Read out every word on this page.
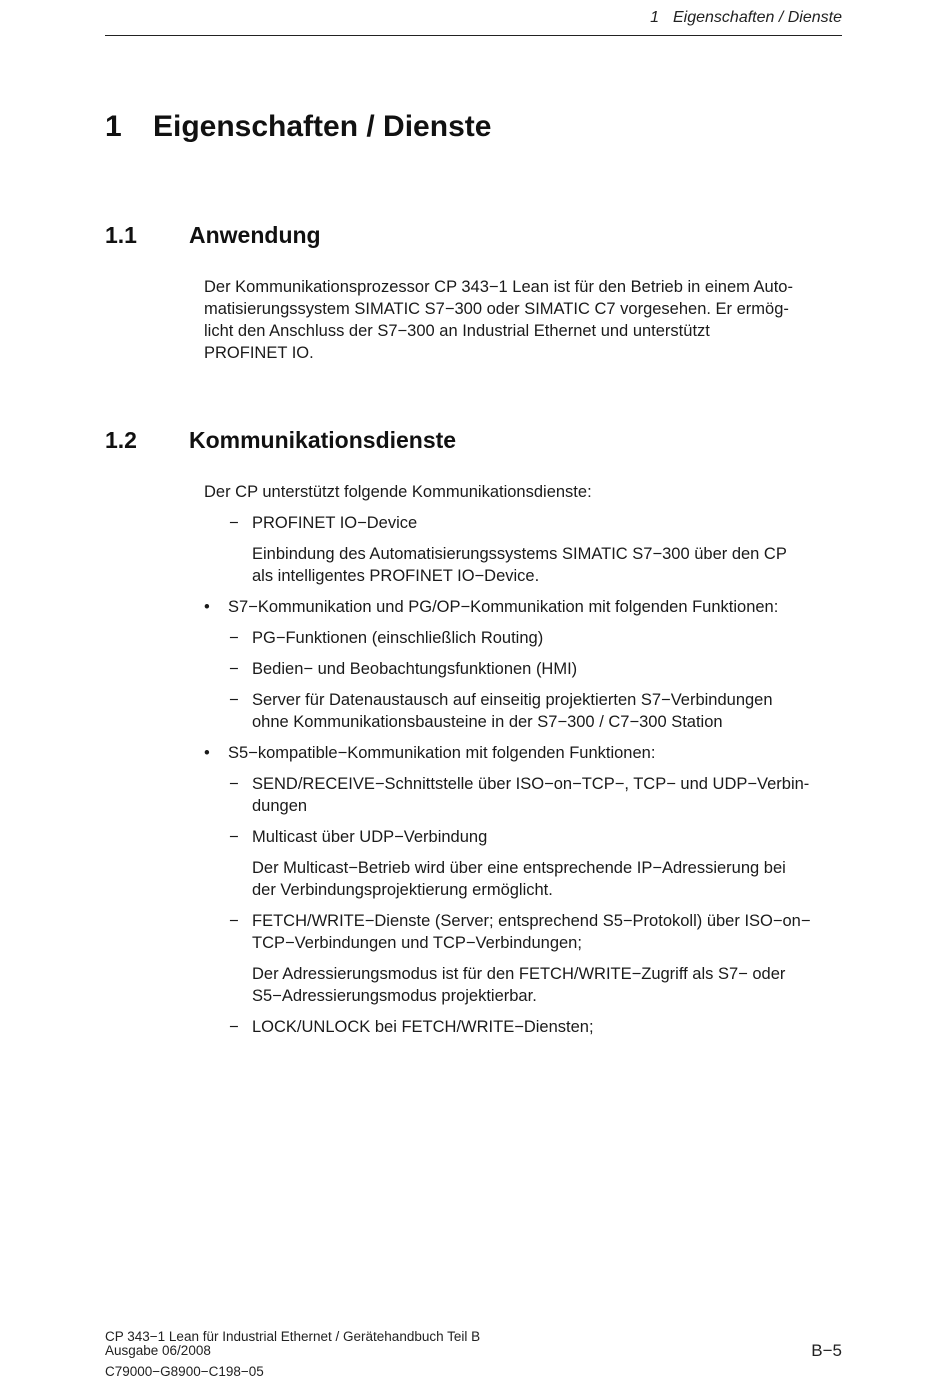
1 Eigenschaften / Dienste
1 Eigenschaften / Dienste
1.1 Anwendung
Der Kommunikationsprozessor CP 343−1 Lean ist für den Betrieb in einem Auto-
matisierungssystem SIMATIC S7−300 oder SIMATIC C7 vorgesehen. Er ermög-
licht den Anschluss der S7−300 an Industrial Ethernet und unterstützt
PROFINET IO.
1.2 Kommunikationsdienste
Der CP unterstützt folgende Kommunikationsdienste:
− PROFINET IO−Device
Einbindung des Automatisierungssystems SIMATIC S7−300 über den CP
als intelligentes PROFINET IO−Device.
•	S7−Kommunikation und PG/OP−Kommunikation mit folgenden Funktionen:
− PG−Funktionen (einschließlich Routing)
− Bedien− und Beobachtungsfunktionen (HMI)
− Server für Datenaustausch auf einseitig projektierten S7−Verbindungen
ohne Kommunikationsbausteine in der S7−300 / C7−300 Station
•	S5−kompatible−Kommunikation mit folgenden Funktionen:
− SEND/RECEIVE−Schnittstelle über ISO−on−TCP−, TCP− und UDP−Verbin-
dungen
− Multicast über UDP−Verbindung
Der Multicast−Betrieb wird über eine entsprechende IP−Adressierung bei
der Verbindungsprojektierung ermöglicht.
− FETCH/WRITE−Dienste (Server; entsprechend S5−Protokoll) über ISO−on−
TCP−Verbindungen und TCP−Verbindungen;
Der Adressierungsmodus ist für den FETCH/WRITE−Zugriff als S7− oder
S5−Adressierungsmodus projektierbar.
− LOCK/UNLOCK bei FETCH/WRITE−Diensten;
CP 343−1 Lean für Industrial Ethernet / Gerätehandbuch Teil B
Ausgabe 06/2008
C79000−G8900−C198−05
B−5
